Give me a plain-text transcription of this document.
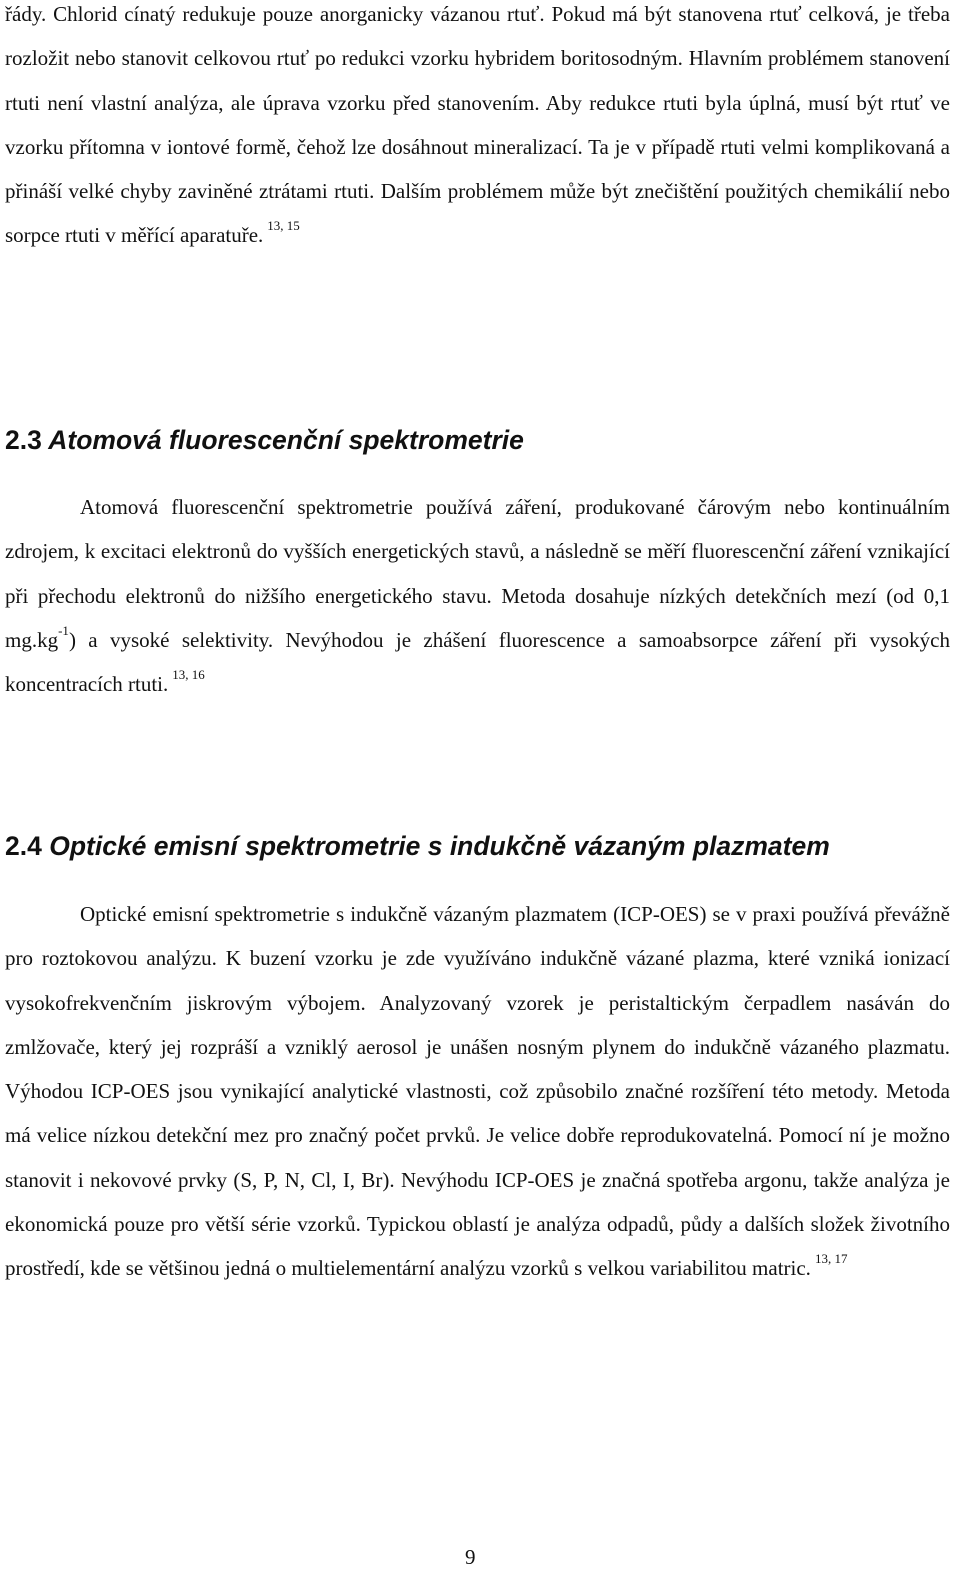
řády. Chlorid cínatý redukuje pouze anorganicky vázanou rtuť. Pokud má být stanovena rtuť celková, je třeba rozložit nebo stanovit celkovou rtuť po redukci vzorku hybridem boritosodným. Hlavním problémem stanovení rtuti není vlastní analýza, ale úprava vzorku před stanovením. Aby redukce rtuti byla úplná, musí být rtuť ve vzorku přítomna v iontové formě, čehož lze dosáhnout mineralizací. Ta je v případě rtuti velmi komplikovaná a přináší velké chyby zaviněné ztrátami rtuti. Dalším problémem může být znečištění použitých chemikálií nebo sorpce rtuti v měřící aparatuře. $^{13, 15}$

2.3 Atomová fluorescenční spektrometrie

Atomová fluorescenční spektrometrie používá záření, produkované čárovým nebo kontinuálním zdrojem, k excitaci elektronů do vyšších energetických stavů, a následně se měří fluorescenční záření vznikající při přechodu elektronů do nižšího energetického stavu. Metoda dosahuje nízkých detekčních mezí (od 0,1 $mg.kg^{-1}$) a vysoké selektivity. Nevýhodou je zhášení fluorescence a samoabsorpce záření při vysokých koncentracích rtuti. $^{13, 16}$

2.4 Optické emisní spektrometrie s indukčně vázaným plazmatem

Optické emisní spektrometrie s indukčně vázaným plazmatem (ICP-OES) se v praxi používá převážně pro roztokovou analýzu. K buzení vzorku je zde využíváno indukčně vázané plazma, které vzniká ionizací vysokofrekvenčním jiskrovým výbojem. Analyzovaný vzorek je peristaltickým čerpadlem nasáván do zmlžovače, který jej rozpráší a vzniklý aerosol je unášen nosným plynem do indukčně vázaného plazmatu. Výhodou ICP-OES jsou vynikající analytické vlastnosti, což způsobilo značné rozšíření této metody. Metoda má velice nízkou detekční mez pro značný počet prvků. Je velice dobře reprodukovatelná. Pomocí ní je možno stanovit i nekovové prvky (S, P, N, Cl, I, Br). Nevýhodu ICP-OES je značná spotřeba argonu, takže analýza je ekonomická pouze pro větší série vzorků. Typickou oblastí je analýza odpadů, půdy a dalších složek životního prostředí, kde se většinou jedná o multielementární analýzu vzorků s velkou variabilitou matric. $^{13, 17}$

9
